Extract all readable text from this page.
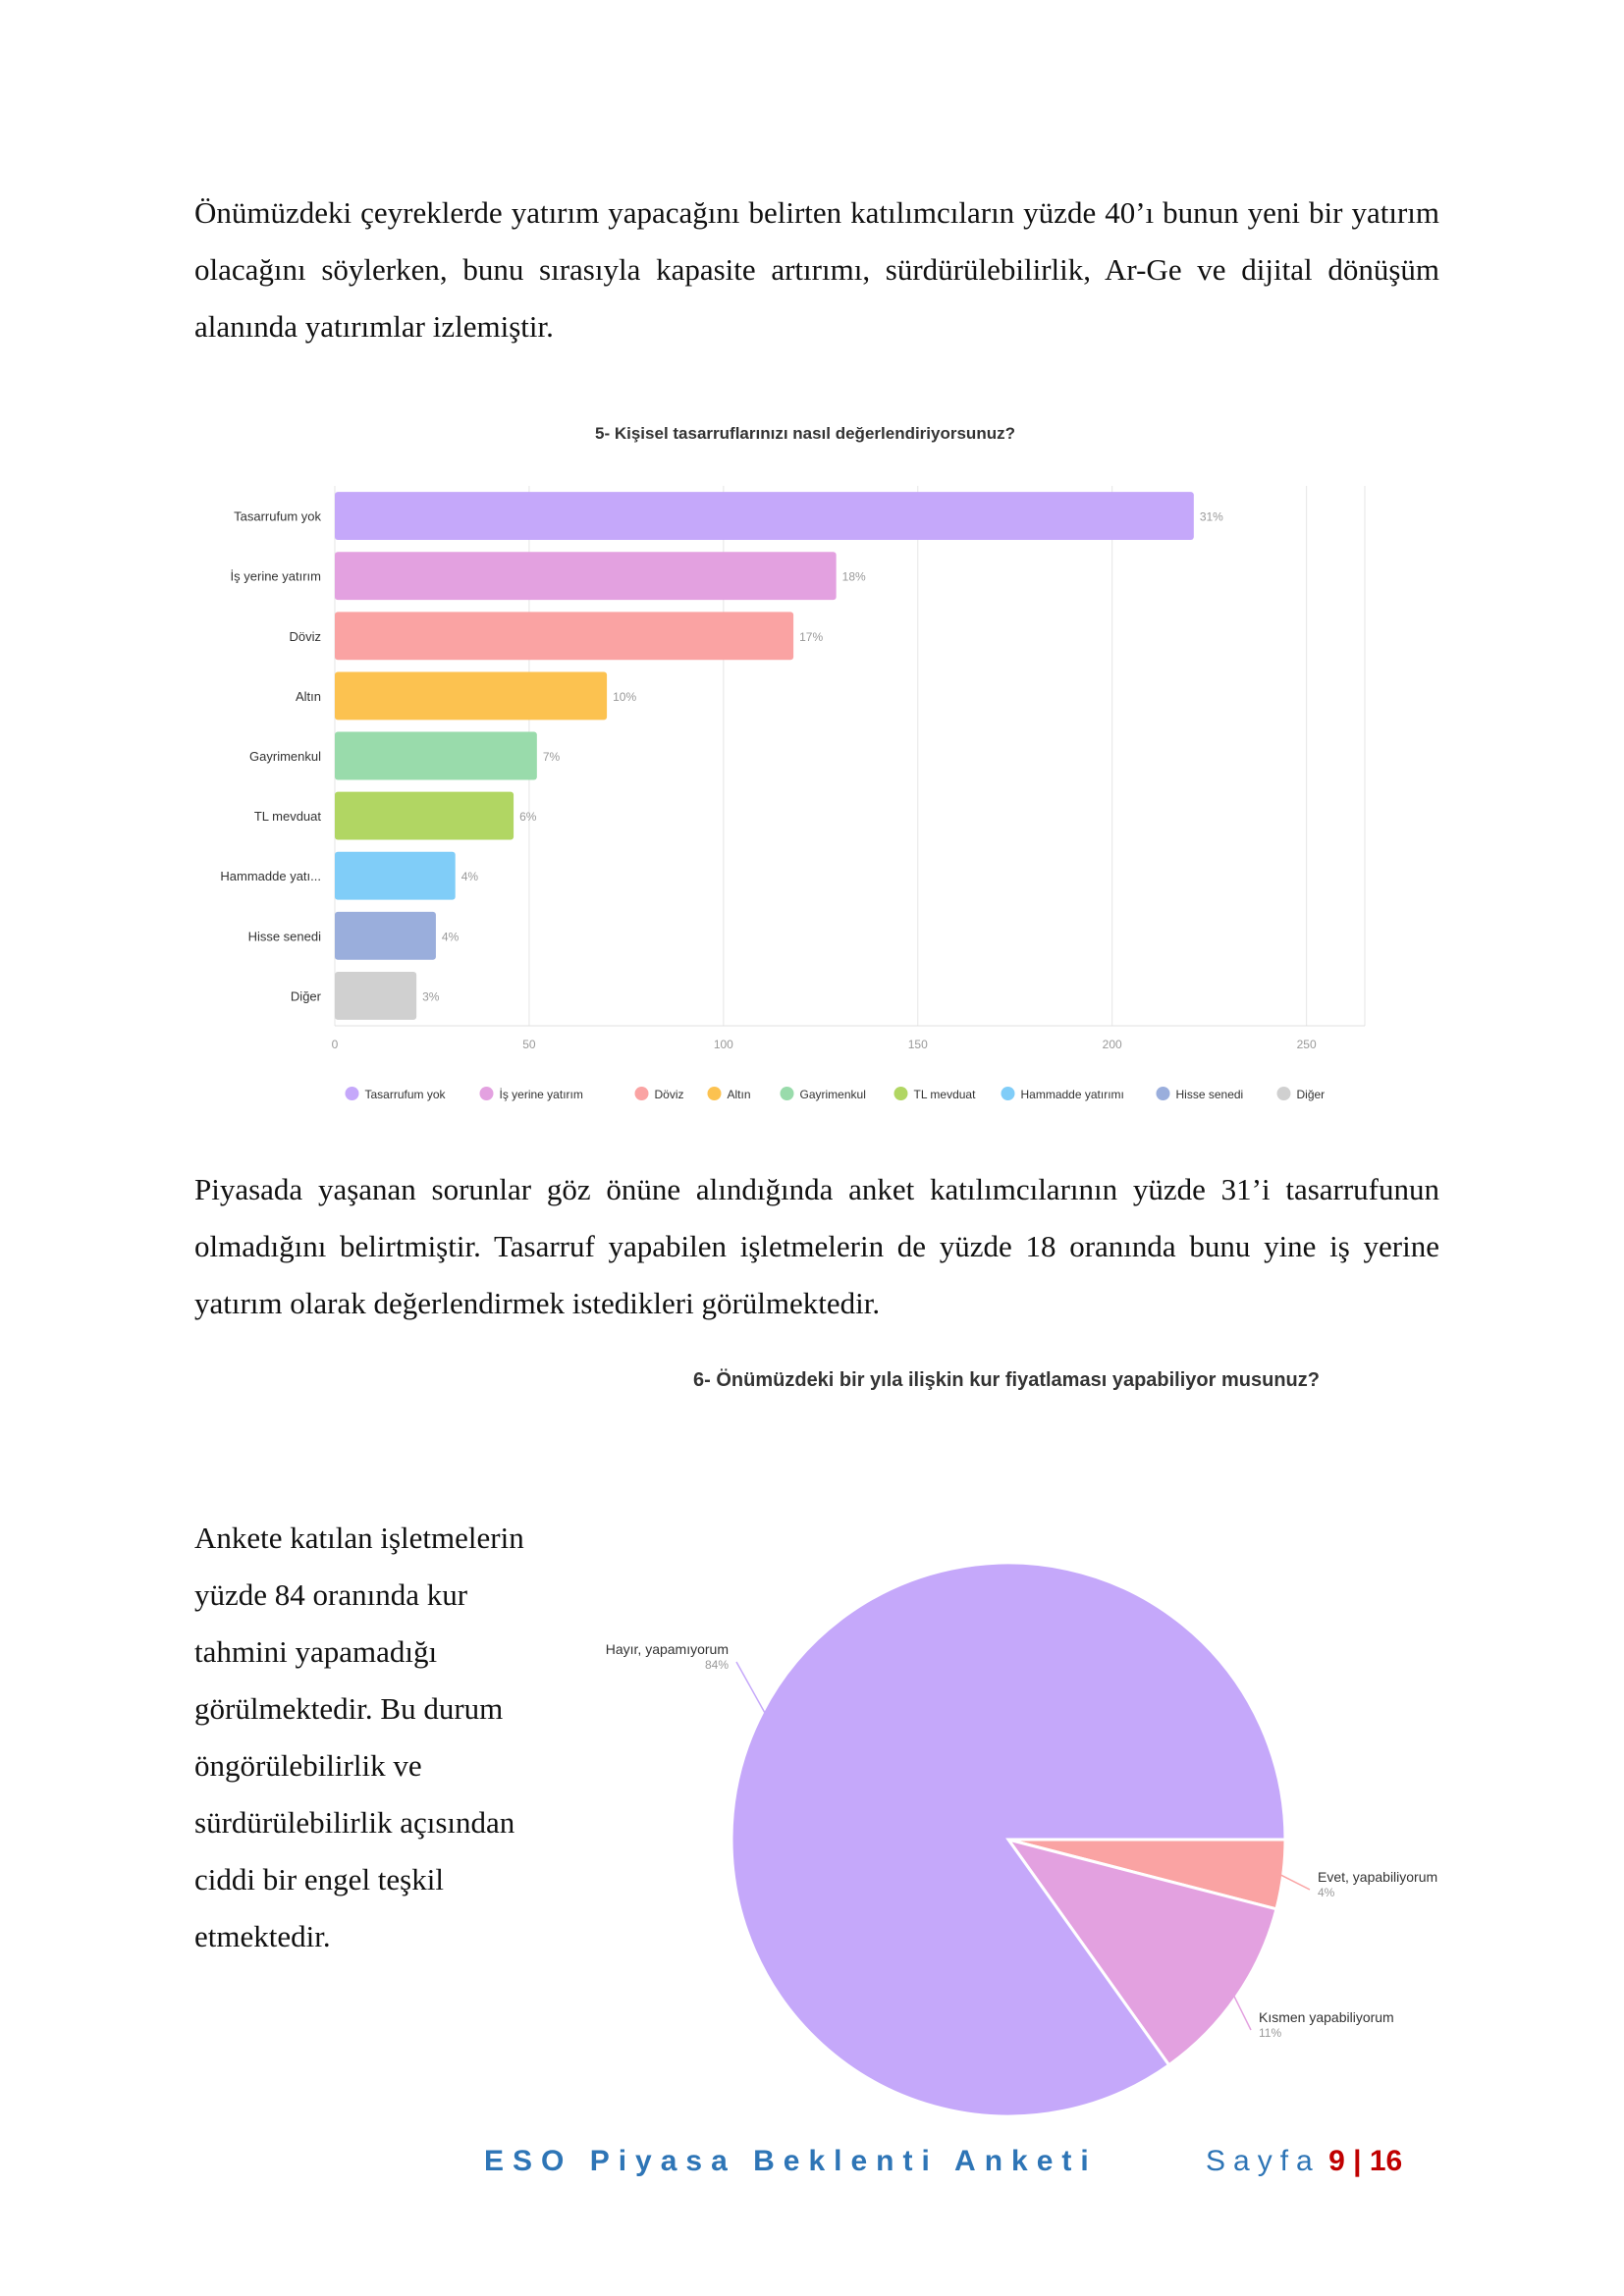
Önümüzdeki çeyreklerde yatırım yapacağını belirten katılımcıların yüzde 40’ı bunun yeni bir yatırım olacağını söylerken, bunu sırasıyla kapasite artırımı, sürdürülebilirlik, Ar-Ge ve dijital dönüşüm alanında yatırımlar izlemiştir.

5- Kişisel tasarruflarınızı nasıl değerlendiriyorsunuz?
0	50	100	150	200	250
Tasarrufum yok	31%
İş yerine yatırım	18%
Döviz	17%
Altın	10%
Gayrimenkul	7%
TL mevduat	6%
Hammadde yatı...	4%
Hisse senedi	4%
Diğer	3%
Tasarrufum yok	İş yerine yatırım	Döviz	Altın	Gayrimenkul	TL mevduat	Hammadde yatırımı	Hisse senedi	Diğer

Piyasada yaşanan sorunlar göz önüne alındığında anket katılımcılarının yüzde 31’i tasarrufunun olmadığını belirtmiştir. Tasarruf yapabilen işletmelerin de yüzde 18 oranında bunu yine iş yerine yatırım olarak değerlendirmek istedikleri görülmektedir.

6- Önümüzdeki bir yıla ilişkin kur fiyatlaması yapabiliyor musunuz?

Ankete katılan işletmelerin yüzde 84 oranında kur tahmini yapamadığı görülmektedir. Bu durum öngörülebilirlik ve sürdürülebilirlik açısından ciddi bir engel teşkil etmektedir.

Hayır, yapamıyorum
84%
Evet, yapabiliyorum
4%
Kısmen yapabiliyorum
11%
ESO Piyasa Beklenti Anketi	Sayfa 9 | 16
